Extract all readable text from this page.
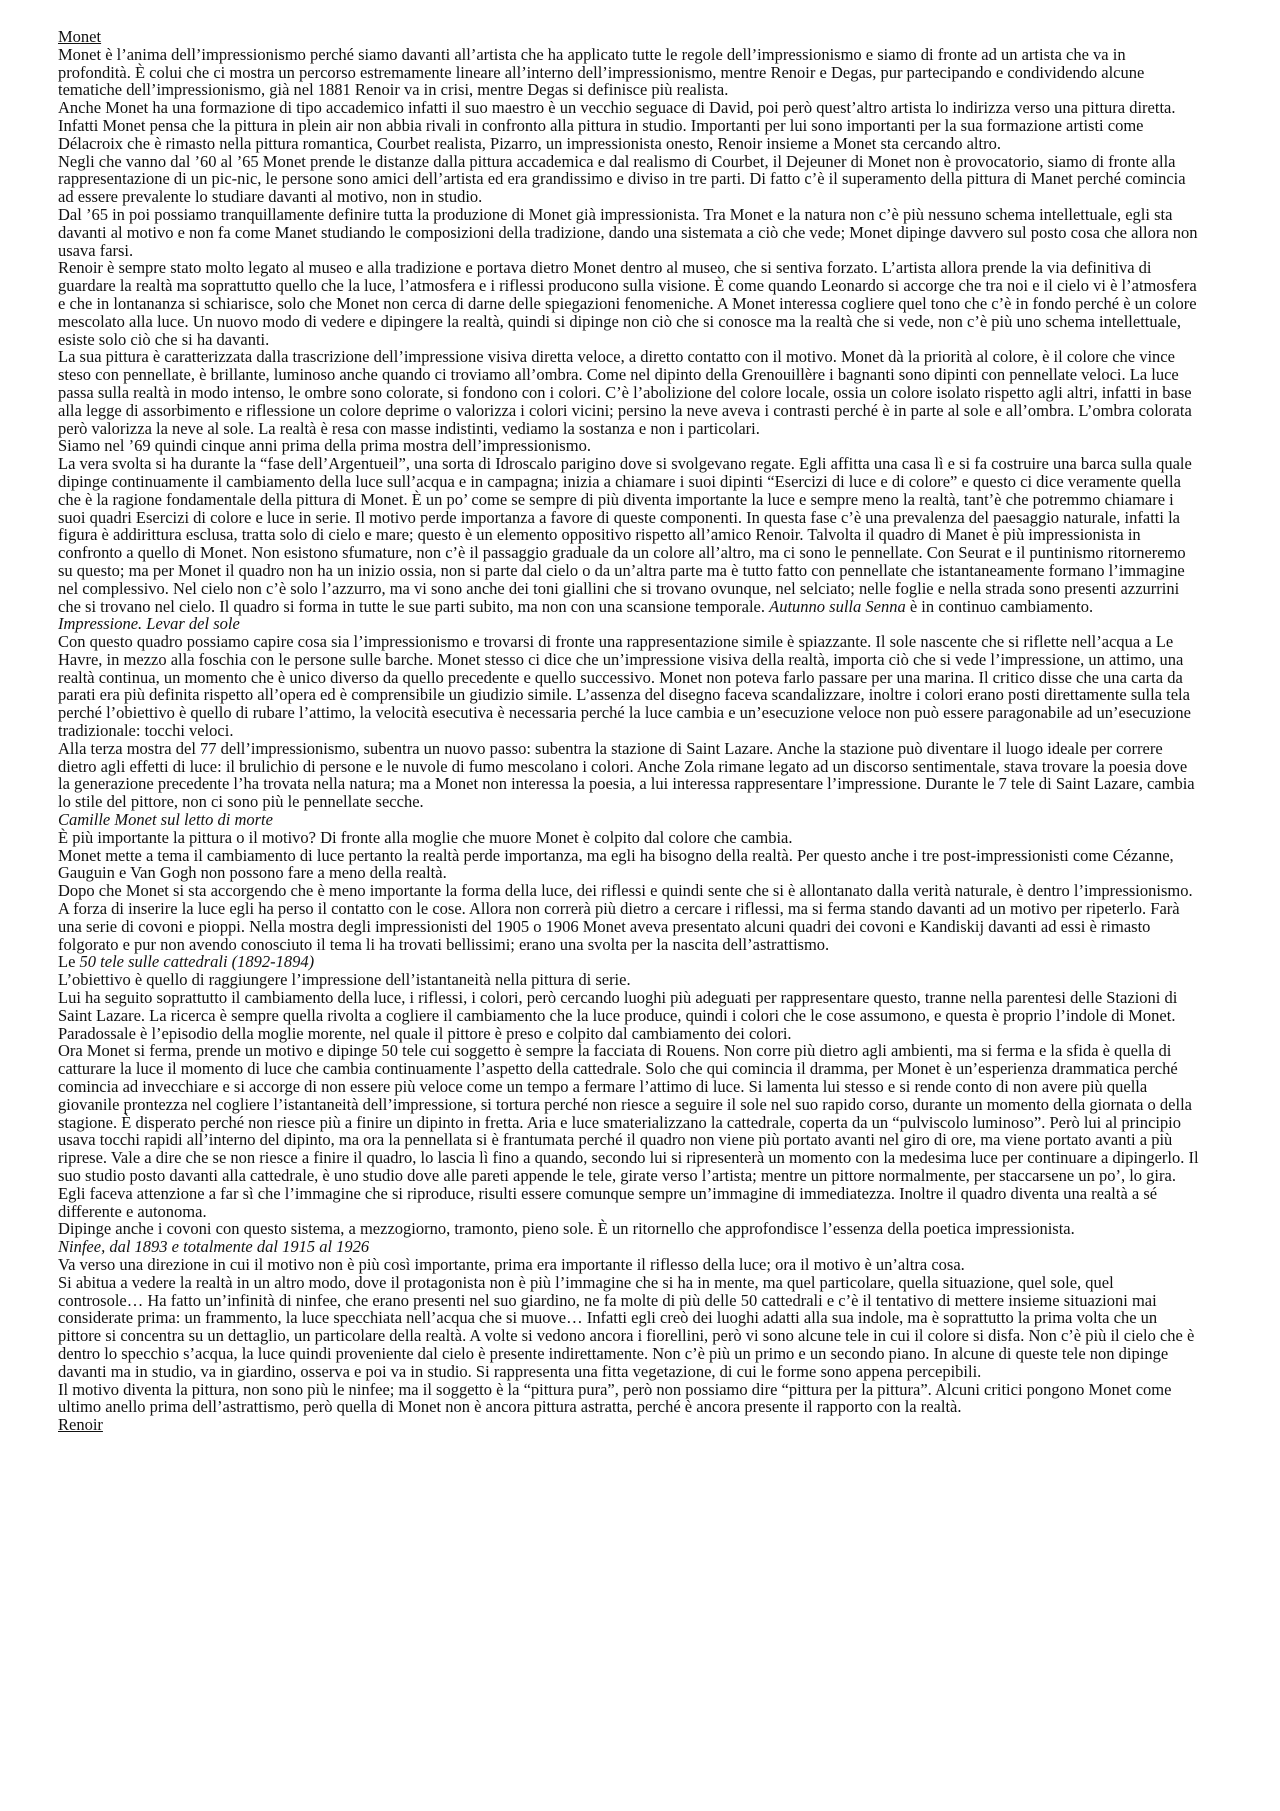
Monet
Monet è l’anima dell’impressionismo perché siamo davanti all’artista che ha applicato tutte le regole dell’impressionismo e siamo di fronte ad un artista che va in profondità. È colui che ci mostra un percorso estremamente lineare all’interno dell’impressionismo, mentre Renoir e Degas, pur partecipando e condividendo alcune tematiche dell’impressionismo, già nel 1881 Renoir va in crisi, mentre Degas si definisce più realista.
Anche Monet ha una formazione di tipo accademico infatti il suo maestro è un vecchio seguace di David, poi però quest’altro artista lo indirizza verso una pittura diretta. Infatti Monet pensa che la pittura in plein air non abbia rivali in confronto alla pittura in studio. Importanti per lui sono importanti per la sua formazione artisti come Délacroix che è rimasto nella pittura romantica, Courbet realista, Pizarro, un impressionista onesto, Renoir insieme a Monet sta cercando altro.
Negli che vanno dal ’60 al ’65 Monet prende le distanze dalla pittura accademica e dal realismo di Courbet, il Dejeuner di Monet non è provocatorio, siamo di fronte alla rappresentazione di un pic-nic, le persone sono amici dell’artista ed era grandissimo e diviso in tre parti. Di fatto c’è il superamento della pittura di Manet perché comincia ad essere prevalente lo studiare davanti al motivo, non in studio.
Dal ’65 in poi possiamo tranquillamente definire tutta la produzione di Monet già impressionista. Tra Monet e la natura non c’è più nessuno schema intellettuale, egli sta davanti al motivo e non fa come Manet studiando le composizioni della tradizione, dando una sistemata a ciò che vede; Monet dipinge davvero sul posto cosa che allora non usava farsi.
Renoir è sempre stato molto legato al museo e alla tradizione e portava dietro Monet dentro al museo, che si sentiva forzato. L’artista allora prende la via definitiva di guardare la realtà ma soprattutto quello che la luce, l’atmosfera e i riflessi producono sulla visione. È come quando Leonardo si accorge che tra noi e il cielo vi è l’atmosfera e che in lontananza si schiarisce, solo che Monet non cerca di darne delle spiegazioni fenomeniche. A Monet interessa cogliere quel tono che c’è in fondo perché è un colore mescolato alla luce. Un nuovo modo di vedere e dipingere la realtà, quindi si dipinge non ciò che si conosce ma la realtà che si vede, non c’è più uno schema intellettuale, esiste solo ciò che si ha davanti.
La sua pittura è caratterizzata dalla trascrizione dell’impressione visiva diretta veloce, a diretto contatto con il motivo. Monet dà la priorità al colore, è il colore che vince steso con pennellate, è brillante, luminoso anche quando ci troviamo all’ombra. Come nel dipinto della Grenouillère i bagnanti sono dipinti con pennellate veloci. La luce passa sulla realtà in modo intenso, le ombre sono colorate, si fondono con i colori. C’è l’abolizione del colore locale, ossia un colore isolato rispetto agli altri, infatti in base alla legge di assorbimento e riflessione un colore deprime o valorizza i colori vicini; persino la neve aveva i contrasti perché è in parte al sole e all’ombra. L’ombra colorata però valorizza la neve al sole. La realtà è resa con masse indistinti, vediamo la sostanza e non i particolari.
Siamo nel ’69 quindi cinque anni prima della prima mostra dell’impressionismo.
La vera svolta si ha durante la “fase dell’Argentueil”, una sorta di Idroscalo parigino dove si svolgevano regate. Egli affitta una casa lì e si fa costruire una barca sulla quale dipinge continuamente il cambiamento della luce sull’acqua e in campagna; inizia a chiamare i suoi dipinti “Esercizi di luce e di colore” e questo ci dice veramente quella che è la ragione fondamentale della pittura di Monet. È un po’ come se sempre di più diventa importante la luce e sempre meno la realtà, tant’è che potremmo chiamare i suoi quadri Esercizi di colore e luce in serie. Il motivo perde importanza a favore di queste componenti. In questa fase c’è una prevalenza del paesaggio naturale, infatti la figura è addirittura esclusa, tratta solo di cielo e mare; questo è un elemento oppositivo rispetto all’amico Renoir. Talvolta il quadro di Manet è più impressionista in confronto a quello di Monet. Non esistono sfumature, non c’è il passaggio graduale da un colore all’altro, ma ci sono le pennellate. Con Seurat e il puntinismo ritorneremo su questo; ma per Monet il quadro non ha un inizio ossia, non si parte dal cielo o da un’altra parte ma è tutto fatto con pennellate che istantaneamente formano l’immagine nel complessivo. Nel cielo non c’è solo l’azzurro, ma vi sono anche dei toni giallini che si trovano ovunque, nel selciato; nelle foglie e nella strada sono presenti azzurrini che si trovano nel cielo. Il quadro si forma in tutte le sue parti subito, ma non con una scansione temporale. Autunno sulla Senna è in continuo cambiamento.
Impressione. Levar del sole
Con questo quadro possiamo capire cosa sia l’impressionismo e trovarsi di fronte una rappresentazione simile è spiazzante. Il sole nascente che si riflette nell’acqua a Le Havre, in mezzo alla foschia con le persone sulle barche. Monet stesso ci dice che un’impressione visiva della realtà, importa ciò che si vede l’impressione, un attimo, una realtà continua, un momento che è unico diverso da quello precedente e quello successivo. Monet non poteva farlo passare per una marina. Il critico disse che una carta da parati era più definita rispetto all’opera ed è comprensibile un giudizio simile. L’assenza del disegno faceva scandalizzare, inoltre i colori erano posti direttamente sulla tela perché l’obiettivo è quello di rubare l’attimo, la velocità esecutiva è necessaria perché la luce cambia e un’esecuzione veloce non può essere paragonabile ad un’esecuzione tradizionale: tocchi veloci.
Alla terza mostra del 77 dell’impressionismo, subentra un nuovo passo: subentra la stazione di Saint Lazare. Anche la stazione può diventare il luogo ideale per correre dietro agli effetti di luce: il brulichio di persone e le nuvole di fumo mescolano i colori. Anche Zola rimane legato ad un discorso sentimentale, stava trovare la poesia dove la generazione precedente l’ha trovata nella natura; ma a Monet non interessa la poesia, a lui interessa rappresentare l’impressione. Durante le 7 tele di Saint Lazare, cambia lo stile del pittore, non ci sono più le pennellate secche.
Camille Monet sul letto di morte
È più importante la pittura o il motivo? Di fronte alla moglie che muore Monet è colpito dal colore che cambia.
Monet mette a tema il cambiamento di luce pertanto la realtà perde importanza, ma egli ha bisogno della realtà. Per questo anche i tre post-impressionisti come Cézanne, Gauguin e Van Gogh non possono fare a meno della realtà.
Dopo che Monet si sta accorgendo che è meno importante la forma della luce, dei riflessi e quindi sente che si è allontanato dalla verità naturale, è dentro l’impressionismo. A forza di inserire la luce egli ha perso il contatto con le cose. Allora non correrà più dietro a cercare i riflessi, ma si ferma stando davanti ad un motivo per ripeterlo. Farà una serie di covoni e pioppi. Nella mostra degli impressionisti del 1905 o 1906 Monet aveva presentato alcuni quadri dei covoni e Kandiskij davanti ad essi è rimasto folgorato e pur non avendo conosciuto il tema li ha trovati bellissimi; erano una svolta per la nascita dell’astrattismo.
Le 50 tele sulle cattedrali (1892-1894)
L’obiettivo è quello di raggiungere l’impressione dell’istantaneità nella pittura di serie.
Lui ha seguito soprattutto il cambiamento della luce, i riflessi, i colori, però cercando luoghi più adeguati per rappresentare questo, tranne nella parentesi delle Stazioni di Saint Lazare. La ricerca è sempre quella rivolta a cogliere il cambiamento che la luce produce, quindi i colori che le cose assumono, e questa è proprio l’indole di Monet. Paradossale è l’episodio della moglie morente, nel quale il pittore è preso e colpito dal cambiamento dei colori.
Ora Monet si ferma, prende un motivo e dipinge 50 tele cui soggetto è sempre la facciata di Rouens. Non corre più dietro agli ambienti, ma si ferma e la sfida è quella di catturare la luce il momento di luce che cambia continuamente l’aspetto della cattedrale. Solo che qui comincia il dramma, per Monet è un’esperienza drammatica perché comincia ad invecchiare e si accorge di non essere più veloce come un tempo a fermare l’attimo di luce. Si lamenta lui stesso e si rende conto di non avere più quella giovanile prontezza nel cogliere l’istantaneità dell’impressione, si tortura perché non riesce a seguire il sole nel suo rapido corso, durante un momento della giornata o della stagione. È disperato perché non riesce più a finire un dipinto in fretta. Aria e luce smaterializzano la cattedrale, coperta da un “pulviscolo luminoso”. Però lui al principio usava tocchi rapidi all’interno del dipinto, ma ora la pennellata si è frantumata perché il quadro non viene più portato avanti nel giro di ore, ma viene portato avanti a più riprese. Vale a dire che se non riesce a finire il quadro, lo lascia lì fino a quando, secondo lui si ripresenterà un momento con la medesima luce per continuare a dipingerlo. Il suo studio posto davanti alla cattedrale, è uno studio dove alle pareti appende le tele, girate verso l’artista; mentre un pittore normalmente, per staccarsene un po’, lo gira. Egli faceva attenzione a far sì che l’immagine che si riproduce, risulti essere comunque sempre un’immagine di immediatezza. Inoltre il quadro diventa una realtà a sé differente e autonoma.
Dipinge anche i covoni con questo sistema, a mezzogiorno, tramonto, pieno sole. È un ritornello che approfondisce l’essenza della poetica impressionista.
Ninfee, dal 1893 e totalmente dal 1915 al 1926
Va verso una direzione in cui il motivo non è più così importante, prima era importante il riflesso della luce; ora il motivo è un’altra cosa.
Si abitua a vedere la realtà in un altro modo, dove il protagonista non è più l’immagine che si ha in mente, ma quel particolare, quella situazione, quel sole, quel controsole… Ha fatto un’infinità di ninfee, che erano presenti nel suo giardino, ne fa molte di più delle 50 cattedrali e c’è il tentativo di mettere insieme situazioni mai considerate prima: un frammento, la luce specchiata nell’acqua che si muove… Infatti egli creò dei luoghi adatti alla sua indole, ma è soprattutto la prima volta che un pittore si concentra su un dettaglio, un particolare della realtà. A volte si vedono ancora i fiorellini, però vi sono alcune tele in cui il colore si disfa. Non c’è più il cielo che è dentro lo specchio s’acqua, la luce quindi proveniente dal cielo è presente indirettamente. Non c’è più un primo e un secondo piano. In alcune di queste tele non dipinge davanti ma in studio, va in giardino, osserva e poi va in studio. Si rappresenta una fitta vegetazione, di cui le forme sono appena percepibili.
Il motivo diventa la pittura, non sono più le ninfee; ma il soggetto è la “pittura pura”, però non possiamo dire “pittura per la pittura”. Alcuni critici pongono Monet come ultimo anello prima dell’astrattismo, però quella di Monet non è ancora pittura astratta, perché è ancora presente il rapporto con la realtà.
Renoir
